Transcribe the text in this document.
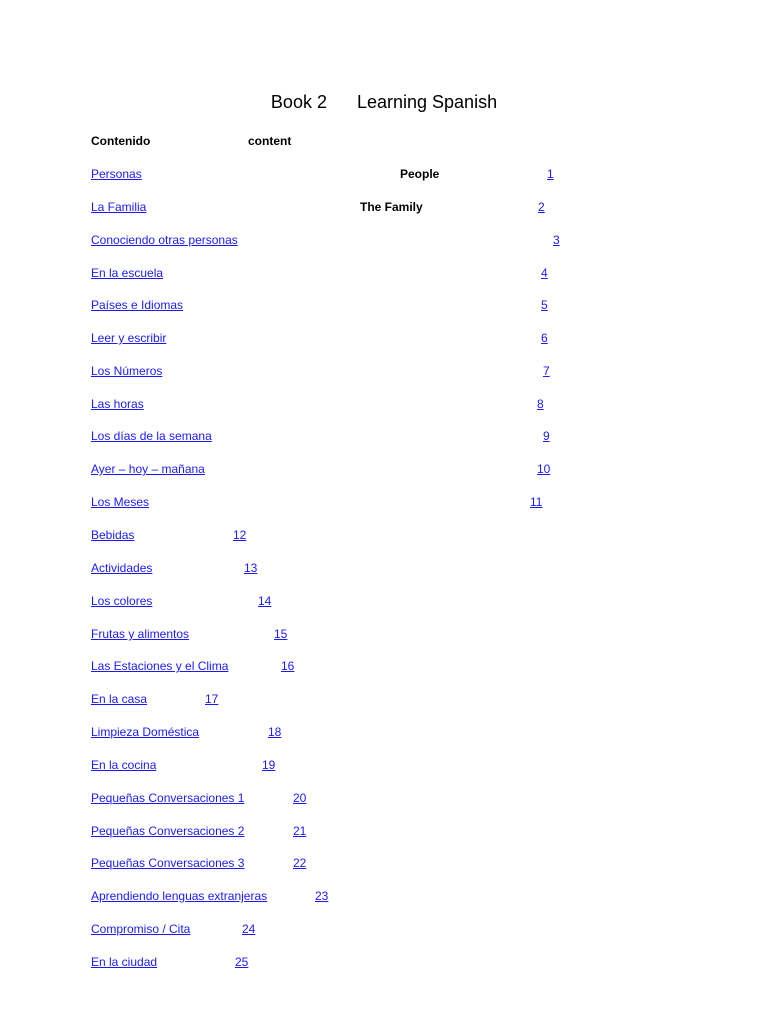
Book 2 Learning Spanish
Contenido	content
Personas	People	1
La Familia	The Family	2
Conociendo otras personas	3
En la escuela	4
Países e Idiomas	5
Leer y escribir	6
Los Números	7
Las horas	8
Los días de la semana	9
Ayer – hoy – mañana	10
Los Meses	11
Bebidas	12
Actividades	13
Los colores	14
Frutas y alimentos	15
Las Estaciones y el Clima	16
En la casa	17
Limpieza Doméstica	18
En la cocina	19
Pequeñas Conversaciones 1	20
Pequeñas Conversaciones 2	21
Pequeñas Conversaciones 3	22
Aprendiendo lenguas extranjeras	23
Compromiso / Cita	24
En la ciudad	25
